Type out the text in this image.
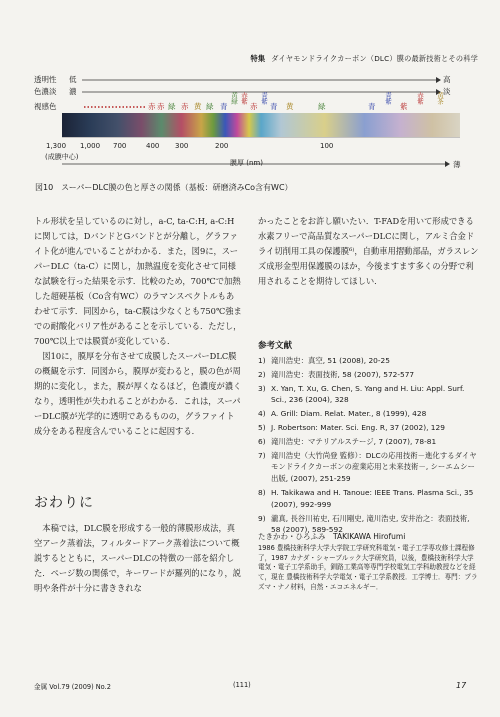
特集 ダイヤモンドライクカーボン（DLC）膜の最新技術とその科学
透明性
色濃淡
視感色
低
濃
高
淡
赤 赤 緑 赤 黄 緑 青
黄緑 赤紫
赤
青紫
青 黄	緑	青
青紫
紫
赤紫 黄茶
1,300 1,000 700	400 300	200	100
(成膜中心)
膜厚 (nm)	薄
図10　スーパーDLC膜の色と厚さの関係（基板：研磨済みCo含有WC）

トル形状を呈しているのに対し，a-C, ta-C:H, a-C:Hに関しては，DバンドとGバンドとが分離し，グラファイト化が進んでいることがわかる．また，図9に，スーパーDLC（ta-C）に関し，加熱温度を変化させて同様な試験を行った結果を示す．比較のため，700℃で加熱した超硬基板（Co含有WC）のラマンスペクトルもあわせて示す．同図から，ta-C膜は少なくとも750℃強までの耐酸化バリア性があることを示している．ただし，700℃以上では膜質が変化している．

図10に，膜厚を分布させて成膜したスーパーDLC膜の概観を示す．同図から，膜厚が変わると，膜の色が周期的に変化し，また，膜が厚くなるほど，色濃度が濃くなり，透明性が失われることがわかる．これは，スーパーDLC膜が光学的に透明であるものの，グラファイト成分をある程度含んでいることに起因する．

おわりに

本稿では，DLC膜を形成する一般的薄膜形成法，真空アーク蒸着法，フィルタードアーク蒸着法について概説するとともに，スーパーDLCの特徴の一部を紹介した．ページ数の関係で，キーワードが羅列的になり，説明や条件が十分に書ききれな

かったことをお許し願いたい．T-FADを用いて形成できる水素フリーで高品質なスーパーDLCに関し，アルミ合金ドライ切削用工具の保護膜⁶⁾，自動車用摺動部品，ガラスレンズ成形金型用保護膜のほか，今後ますます多くの分野で利用されることを期待してほしい．

参考文献
1) 滝川浩史：真空, 51 (2008), 20-25
2) 滝川浩史：表面技術, 58 (2007), 572-577
3) X. Yan, T. Xu, G. Chen, S. Yang and H. Liu: Appl. Surf. Sci., 236 (2004), 328
4) A. Grill: Diam. Relat. Mater., 8 (1999), 428
5) J. Robertson: Mater. Sci. Eng. R, 37 (2002), 129
6) 滝川浩史：マテリアルステージ, 7 (2007), 78-81
7) 滝川浩史（大竹尚登 監修）：DLCの応用技術－進化するダイヤモンドライクカーボンの産業応用と未来技術－, シーエムシー出版, (2007), 251-259
8) H. Takikawa and H. Tanoue: IEEE Trans. Plasma Sci., 35 (2007), 992-999
9) 瀧真, 長谷川祐史, 石川剛史, 滝川浩史, 安井治之：表面技術, 58 (2007), 589-592
たきかわ・ひろふみ　TAKIKAWA Hirofumi
1986 豊橋技術科学大学大学院工学研究科電気・電子工学専攻修士課程修了，1987 カナダ・シャーブルック大学研究員，以後，豊橋技術科学大学電気・電子工学系助手，釧路工業高等専門学校電気工学科助教授などを経て，現在 豊橋技術科学大学電気・電子工学系教授．工学博士．専門：プラズマ・ナノ材料，自然・エコエネルギー．
金属 Vol.79 (2009) No.2	(111)	17
